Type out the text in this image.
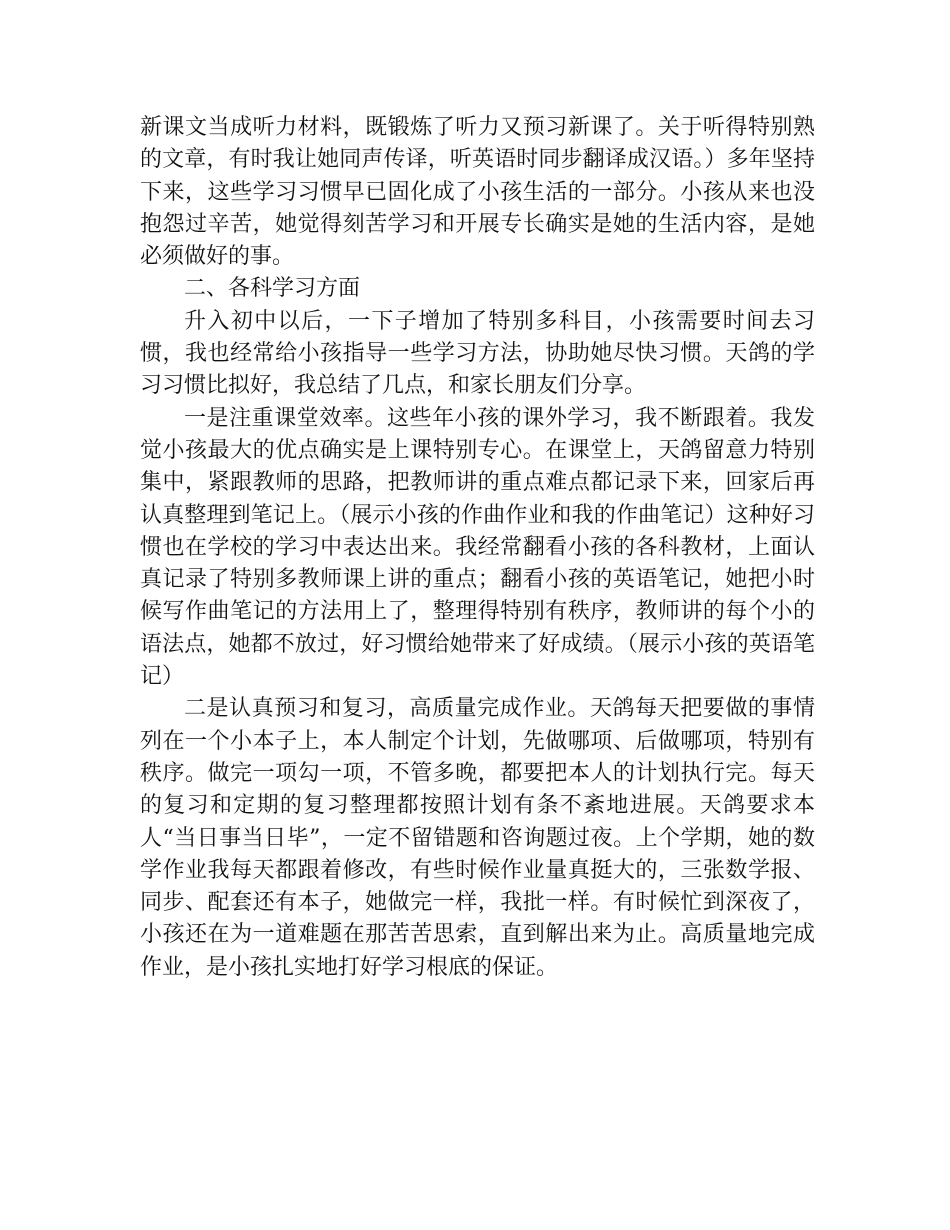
新课文当成听力材料，既锻炼了听力又预习新课了。关于听得特别熟的文章，有时我让她同声传译，听英语时同步翻译成汉语。）多年坚持下来，这些学习习惯早已固化成了小孩生活的一部分。小孩从来也没抱怨过辛苦，她觉得刻苦学习和开展专长确实是她的生活内容，是她必须做好的事。

二、各科学习方面

升入初中以后，一下子增加了特别多科目，小孩需要时间去习惯，我也经常给小孩指导一些学习方法，协助她尽快习惯。天鸽的学习习惯比拟好，我总结了几点，和家长朋友们分享。

一是注重课堂效率。这些年小孩的课外学习，我不断跟着。我发觉小孩最大的优点确实是上课特别专心。在课堂上，天鸽留意力特别集中，紧跟教师的思路，把教师讲的重点难点都记录下来，回家后再认真整理到笔记上。（展示小孩的作曲作业和我的作曲笔记）这种好习惯也在学校的学习中表达出来。我经常翻看小孩的各科教材，上面认真记录了特别多教师课上讲的重点；翻看小孩的英语笔记，她把小时候写作曲笔记的方法用上了，整理得特别有秩序，教师讲的每个小的语法点，她都不放过，好习惯给她带来了好成绩。（展示小孩的英语笔记）

二是认真预习和复习，高质量完成作业。天鸽每天把要做的事情列在一个小本子上，本人制定个计划，先做哪项、后做哪项，特别有秩序。做完一项勾一项，不管多晚，都要把本人的计划执行完。每天的复习和定期的复习整理都按照计划有条不紊地进展。天鸽要求本人“当日事当日毕”，一定不留错题和咨询题过夜。上个学期，她的数学作业我每天都跟着修改，有些时候作业量真挺大的，三张数学报、同步、配套还有本子，她做完一样，我批一样。有时候忙到深夜了，小孩还在为一道难题在那苦苦思索，直到解出来为止。高质量地完成作业，是小孩扎实地打好学习根底的保证。
